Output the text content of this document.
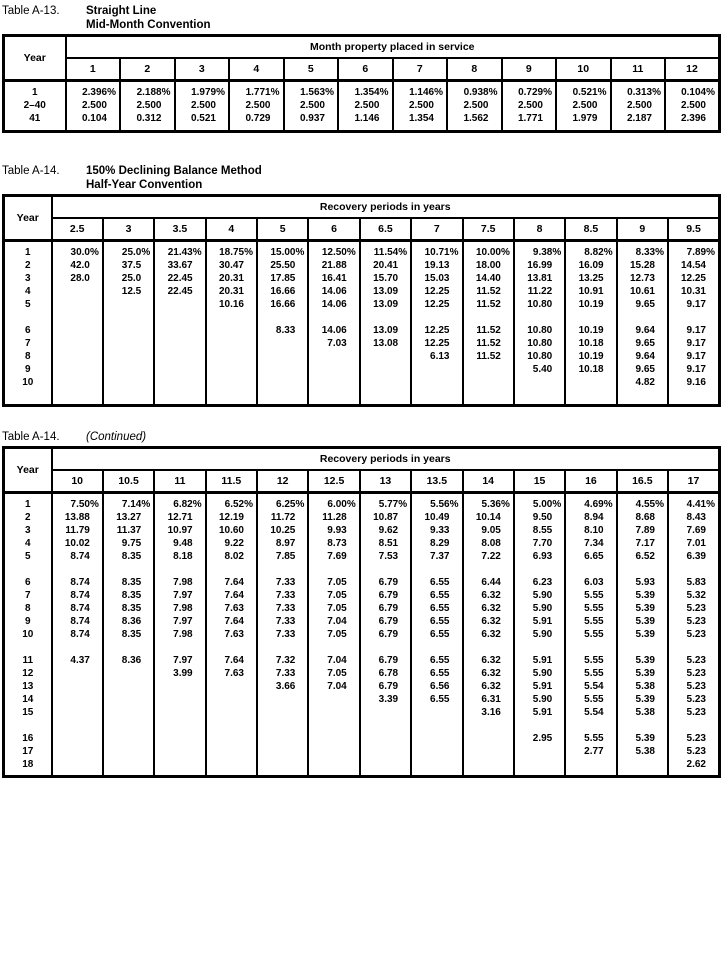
Table A-13.	Straight Line
Mid-Month Convention
Year	Month property placed in service											
	1	2	3	4	5	6	7	8	9	10	11	12
1	2.396%	2.188%	1.979%	1.771%	1.563%	1.354%	1.146%	0.938%	0.729%	0.521%	0.313%	0.104%
2–40	2.500	2.500	2.500	2.500	2.500	2.500	2.500	2.500	2.500	2.500	2.500	2.500
41	0.104	0.312	0.521	0.729	0.937	1.146	1.354	1.562	1.771	1.979	2.187	2.396
Table A-14.	150% Declining Balance Method
Half-Year Convention
Year	Recovery periods in years												
	2.5	3	3.5	4	5	6	6.5	7	7.5	8	8.5	9	9.5
1	30.0%	25.0%	21.43%	18.75%	15.00%	12.50%	11.54%	10.71%	10.00%	9.38%	8.82%	8.33%	7.89%
2	42.0	37.5	33.67	30.47	25.50	21.88	20.41	19.13	18.00	16.99	16.09	15.28	14.54
3	28.0	25.0	22.45	20.31	17.85	16.41	15.70	15.03	14.40	13.81	13.25	12.73	12.25
4		12.5	22.45	20.31	16.66	14.06	13.09	12.25	11.52	11.22	10.91	10.61	10.31
5				10.16	16.66	14.06	13.09	12.25	11.52	10.80	10.19	9.65	9.17

6					8.33	14.06	13.09	12.25	11.52	10.80	10.19	9.64	9.17
7						7.03	13.08	12.25	11.52	10.80	10.18	9.65	9.17
8								6.13	11.52	10.80	10.19	9.64	9.17
9										5.40	10.18	9.65	9.17
10												4.82	9.16
Table A-14.	(Continued)
Year	Recovery periods in years												
	10	10.5	11	11.5	12	12.5	13	13.5	14	15	16	16.5	17
1	7.50%	7.14%	6.82%	6.52%	6.25%	6.00%	5.77%	5.56%	5.36%	5.00%	4.69%	4.55%	4.41%
2	13.88	13.27	12.71	12.19	11.72	11.28	10.87	10.49	10.14	9.50	8.94	8.68	8.43
3	11.79	11.37	10.97	10.60	10.25	9.93	9.62	9.33	9.05	8.55	8.10	7.89	7.69
4	10.02	9.75	9.48	9.22	8.97	8.73	8.51	8.29	8.08	7.70	7.34	7.17	7.01
5	8.74	8.35	8.18	8.02	7.85	7.69	7.53	7.37	7.22	6.93	6.65	6.52	6.39

6	8.74	8.35	7.98	7.64	7.33	7.05	6.79	6.55	6.44	6.23	6.03	5.93	5.83
7	8.74	8.35	7.97	7.64	7.33	7.05	6.79	6.55	6.32	5.90	5.55	5.39	5.32
8	8.74	8.35	7.98	7.63	7.33	7.05	6.79	6.55	6.32	5.90	5.55	5.39	5.23
9	8.74	8.36	7.97	7.64	7.33	7.04	6.79	6.55	6.32	5.91	5.55	5.39	5.23
10	8.74	8.35	7.98	7.63	7.33	7.05	6.79	6.55	6.32	5.90	5.55	5.39	5.23

11	4.37	8.36	7.97	7.64	7.32	7.04	6.79	6.55	6.32	5.91	5.55	5.39	5.23
12			3.99	7.63	7.33	7.05	6.78	6.55	6.32	5.90	5.55	5.39	5.23
13					3.66	7.04	6.79	6.56	6.32	5.91	5.54	5.38	5.23
14							3.39	6.55	6.31	5.90	5.55	5.39	5.23
15									3.16	5.91	5.54	5.38	5.23

16										2.95	5.55	5.39	5.23
17											2.77	5.38	5.23
18													2.62
